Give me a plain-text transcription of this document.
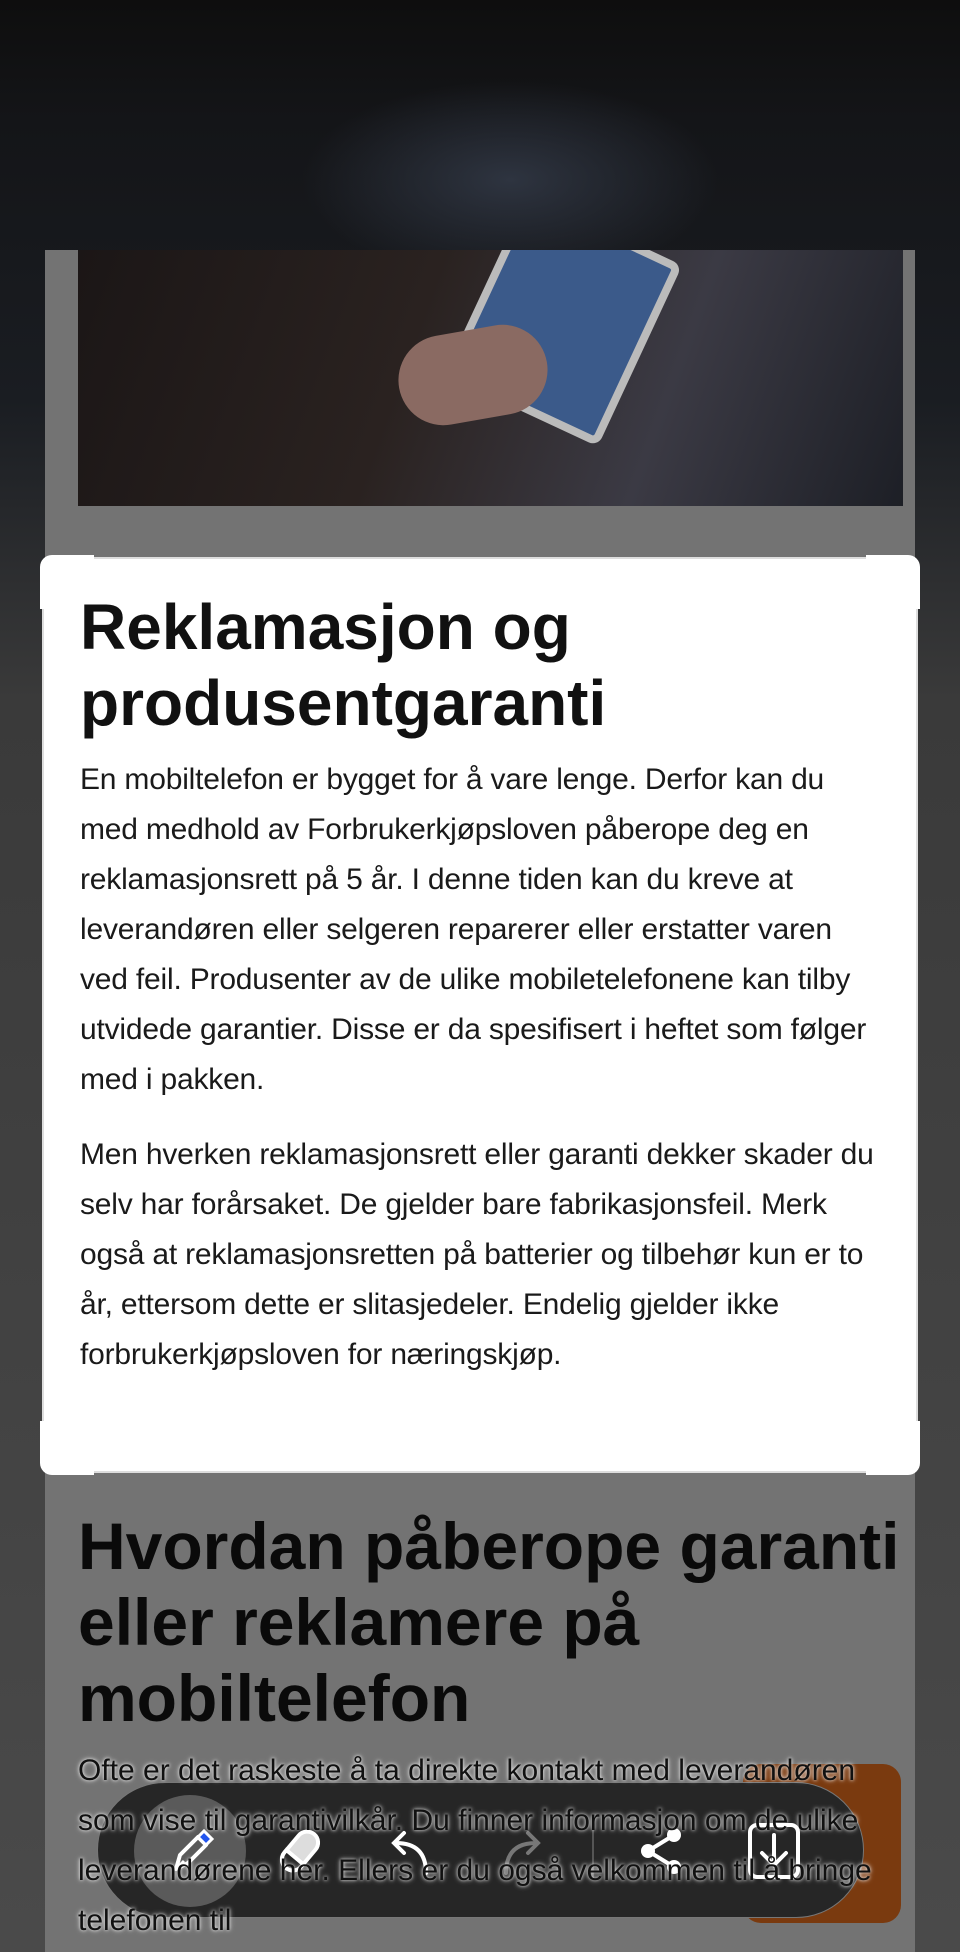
Hvordan påberope garanti eller reklamere på mobiltelefon
Reklamasjon og produsentgaranti

En mobiltelefon er bygget for å vare lenge. Derfor kan du med medhold av Forbrukerkjøpsloven påberope deg en reklamasjonsrett på 5 år. I denne tiden kan du kreve at leverandøren eller selgeren reparerer eller erstatter varen ved feil. Produsenter av de ulike mobiletelefonene kan tilby utvidede garantier. Disse er da spesifisert i heftet som følger med i pakken.

Men hverken reklamasjonsrett eller garanti dekker skader du selv har forårsaket. De gjelder bare fabrikasjonsfeil. Merk også at reklamasjonsretten på batterier og tilbehør kun er to år, ettersom dette er slitasjedeler. Endelig gjelder ikke forbrukerkjøpsloven for næringskjøp.

Ofte er det raskeste å ta direkte kontakt med leverandøren som vise til garantivilkår. Du finner informasjon om de ulike leverandørene her. Ellers er du også velkommen til å bringe telefonen til
